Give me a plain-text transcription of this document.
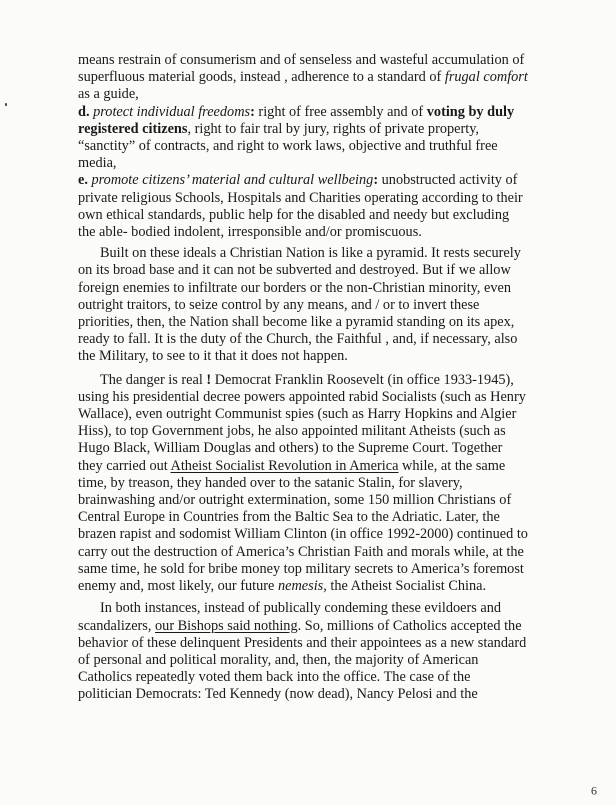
means restrain of consumerism and of senseless and wasteful accumulation of superfluous material goods, instead , adherence to a standard of frugal comfort as a guide,

d. protect individual freedoms: right of free assembly and of voting by duly registered citizens, right to fair tral by jury, rights of private property, “sanctity” of contracts, and right to work laws, objective and truthful free media,

e. promote citizens’ material and cultural wellbeing: unobstructed activity of private religious Schools, Hospitals and Charities operating according to their own ethical standards, public help for the disabled and needy but excluding the able- bodied indolent, irresponsible and/or promiscuous.

Built on these ideals a Christian Nation is like a pyramid. It rests securely on its broad base and it can not be subverted and destroyed. But if we allow foreign enemies to infiltrate our borders or the non-Christian minority, even outright traitors, to seize control by any means, and / or to invert these priorities, then, the Nation shall become like a pyramid standing on its apex, ready to fall. It is the duty of the Church, the Faithful , and, if necessary, also the Military, to see to it that it does not happen.

The danger is real ! Democrat Franklin Roosevelt (in office 1933-1945), using his presidential decree powers appointed rabid Socialists (such as Henry Wallace), even outright Communist spies (such as Harry Hopkins and Algier Hiss), to top Government jobs, he also appointed militant Atheists (such as Hugo Black, William Douglas and others) to the Supreme Court. Together they carried out Atheist Socialist Revolution in America while, at the same time, by treason, they handed over to the satanic Stalin, for slavery, brainwashing and/or outright extermination, some 150 million Christians of Central Europe in Countries from the Baltic Sea to the Adriatic. Later, the brazen rapist and sodomist William Clinton (in office 1992-2000) continued to carry out the destruction of America’s Christian Faith and morals while, at the same time, he sold for bribe money top military secrets to America’s foremost enemy and, most likely, our future nemesis, the Atheist Socialist China.

In both instances, instead of publically condeming these evildoers and scandalizers, our Bishops said nothing. So, millions of Catholics accepted the behavior of these delinquent Presidents and their appointees as a new standard of personal and political morality, and, then, the majority of American Catholics repeatedly voted them back into the office. The case of the politician Democrats: Ted Kennedy (now dead), Nancy Pelosi and the

9
